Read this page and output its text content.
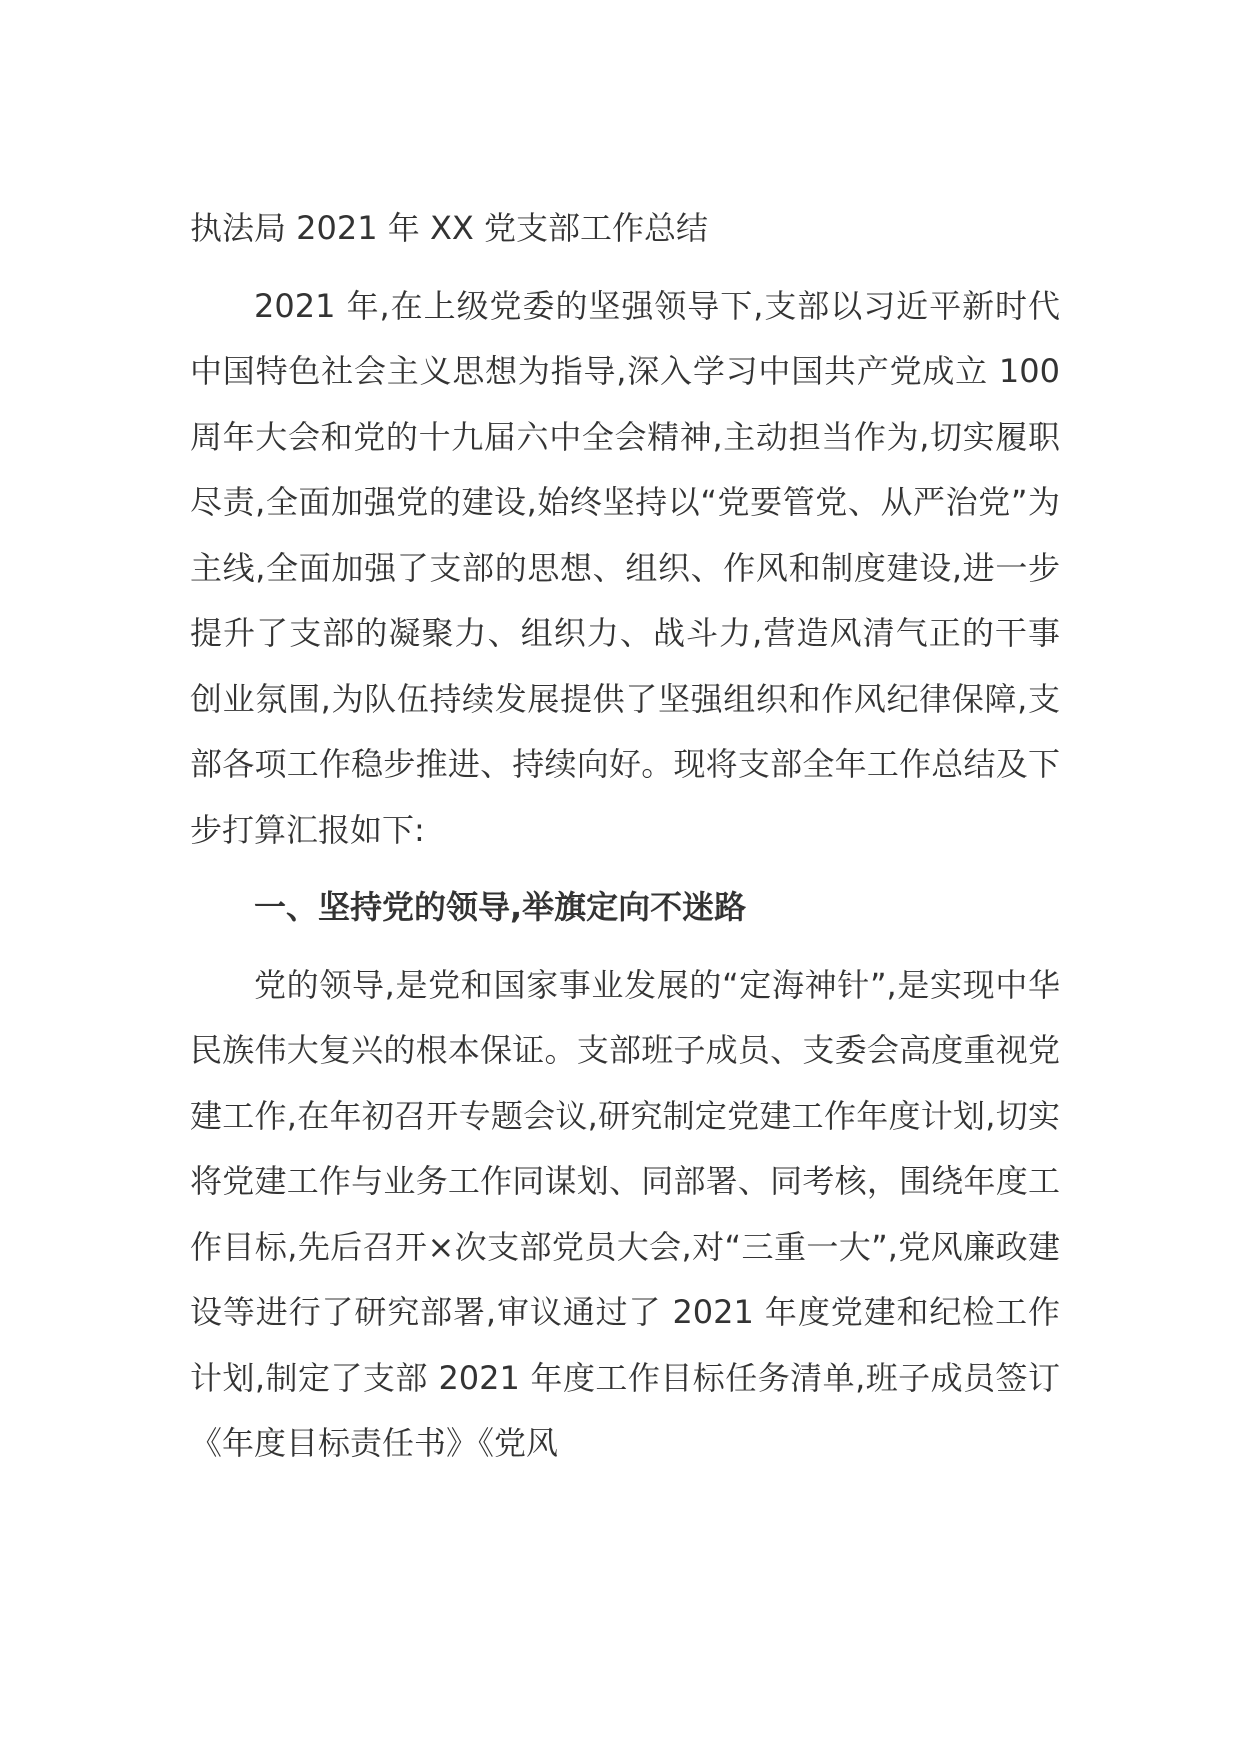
执法局 2021 年 XX 党支部工作总结

2021 年,在上级党委的坚强领导下,支部以习近平新时代中国特色社会主义思想为指导,深入学习中国共产党成立 100 周年大会和党的十九届六中全会精神,主动担当作为,切实履职尽责,全面加强党的建设,始终坚持以“党要管党、从严治党”为主线,全面加强了支部的思想、组织、作风和制度建设,进一步提升了支部的凝聚力、组织力、战斗力,营造风清气正的干事创业氛围,为队伍持续发展提供了坚强组织和作风纪律保障,支部各项工作稳步推进、持续向好。现将支部全年工作总结及下步打算汇报如下:

一、坚持党的领导,举旗定向不迷路

党的领导,是党和国家事业发展的“定海神针”,是实现中华民族伟大复兴的根本保证。支部班子成员、支委会高度重视党建工作,在年初召开专题会议,研究制定党建工作年度计划,切实将党建工作与业务工作同谋划、同部署、同考核，围绕年度工作目标,先后召开×次支部党员大会,对“三重一大”,党风廉政建设等进行了研究部署,审议通过了 2021 年度党建和纪检工作计划,制定了支部 2021 年度工作目标任务清单,班子成员签订《年度目标责任书》《党风
